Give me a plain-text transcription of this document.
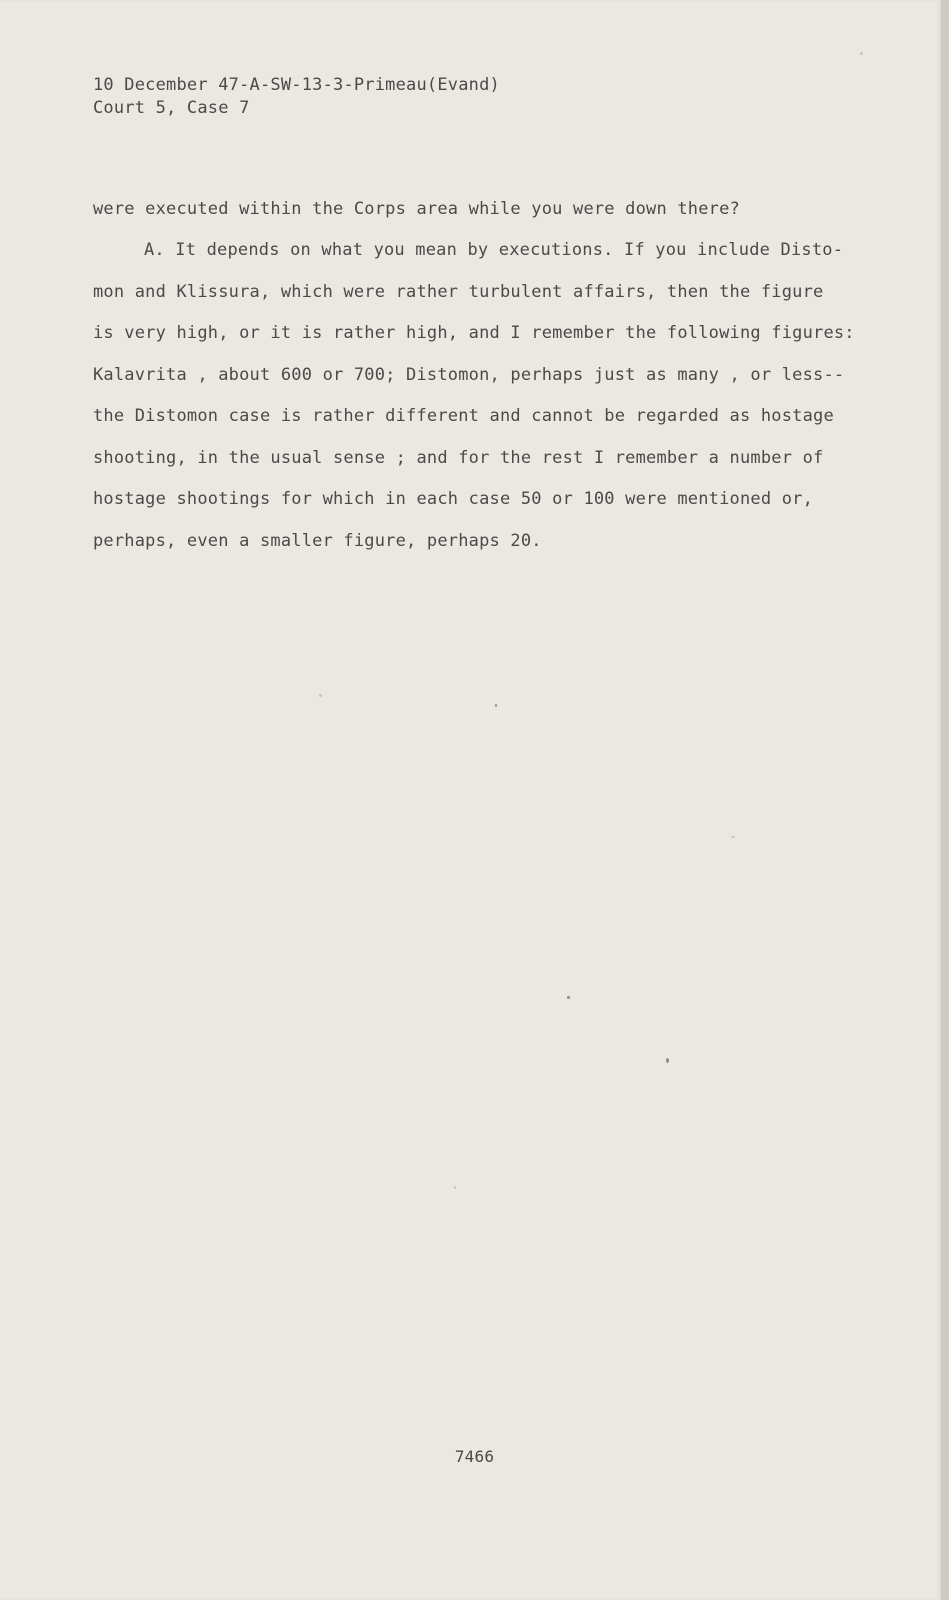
10 December 47-A-SW-13-3-Primeau(Evand)
Court 5, Case 7
were executed within the Corps area while you were down there?
A. It depends on what you mean by executions. If you include Disto-
mon and Klissura, which were rather turbulent affairs, then the figure
is very high, or it is rather high, and I remember the following figures:
Kalavrita , about 600 or 700; Distomon, perhaps just as many , or less--
the Distomon case is rather different and cannot be regarded as hostage
shooting, in the usual sense ; and for the rest I remember a number of
hostage shootings for which in each case 50 or 100 were mentioned or,
perhaps, even a smaller figure, perhaps 20.
7466
